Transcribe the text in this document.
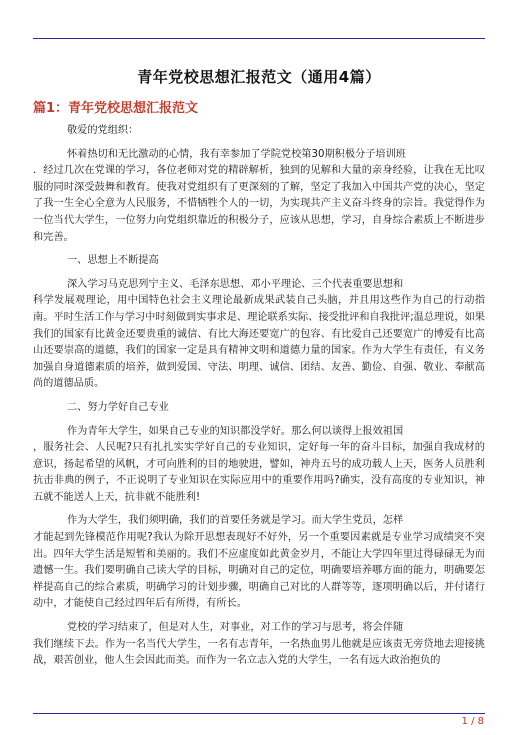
青年党校思想汇报范文（通用4篇）
篇1：青年党校思想汇报范文

敬爱的党组织：

怀着热切和无比激动的心情，我有幸参加了学院党校第30期积极分子培训班

．经过几次在党课的学习，各位老师对党的精辟解析，独到的见解和大量的亲身经验，让我在无比叹服的同时深受鼓舞和教育。使我对党组织有了更深刻的了解，坚定了我加入中国共产党的决心，坚定了我一生全心全意为人民服务，不惜牺牲个人的一切，为实现共产主义奋斗终身的宗旨。我觉得作为一位当代大学生，一位努力向党组织靠近的积极分子，应该从思想，学习，自身综合素质上不断进步和完善。

一、思想上不断提高

深入学习马克思列宁主义、毛泽东思想、邓小平理论、三个代表重要思想和

科学发展观理论，用中国特色社会主义理论最新成果武装自己头脑，并且用这些作为自己的行动指南。平时生活工作与学习中时刻做到实事求是、理论联系实际、接受批评和自我批评;温总理说，如果我们的国家有比黄金还要贵重的诚信、有比大海还要宽广的包容、有比爱自己还要宽广的博爱有比高山还要崇高的道德，我们的国家一定是具有精神文明和道德力量的国家。作为大学生有责任，有义务加强自身道德素质的培养，做到爱国、守法、明理、诚信、团结、友善、勤俭、自强、敬业、奉献高尚的道德品质。

二、努力学好自己专业

作为青年大学生，如果自己专业的知识都没学好。那么何以谈得上报效祖国

，服务社会、人民呢?只有扎扎实实学好自己的专业知识，定好每一年的奋斗目标，加强自我成材的意识，扬起希望的风帆，才可向胜利的目的地驶进，譬如，神舟五号的成功载人上天，医务人员胜利抗击非典的例子，不正说明了专业知识在实际应用中的重要作用吗?确实，没有高度的专业知识，神五就不能送人上天，抗非就不能胜利!

作为大学生，我们须明确，我们的首要任务就是学习。而大学生党员，怎样

才能起到先锋模范作用呢?我认为除开思想表现好不好外，另一个重要因素就是专业学习成绩突不突出。四年大学生活是短暂和美丽的。我们不应虚度如此黄金岁月，不能让大学四年里过得碌碌无为而遗憾一生。我们要明确自己读大学的目标，明确对自己的定位，明确要培养哪方面的能力，明确要怎样提高自己的综合素质，明确学习的计划步骤，明确自己对比的人群等等，逐项明确以后，并付诸行动中，才能使自己经过四年后有所得，有所长。

党校的学习结束了，但是对人生，对事业，对工作的学习与思考，将会伴随

我们继续下去。作为一名当代大学生，一名有志青年，一名热血男儿他就是应该责无旁贷地去迎接挑战，艰苦创业，他人生会因此而美。而作为一名立志入党的大学生，一名有远大政治抱负的

1 / 8
